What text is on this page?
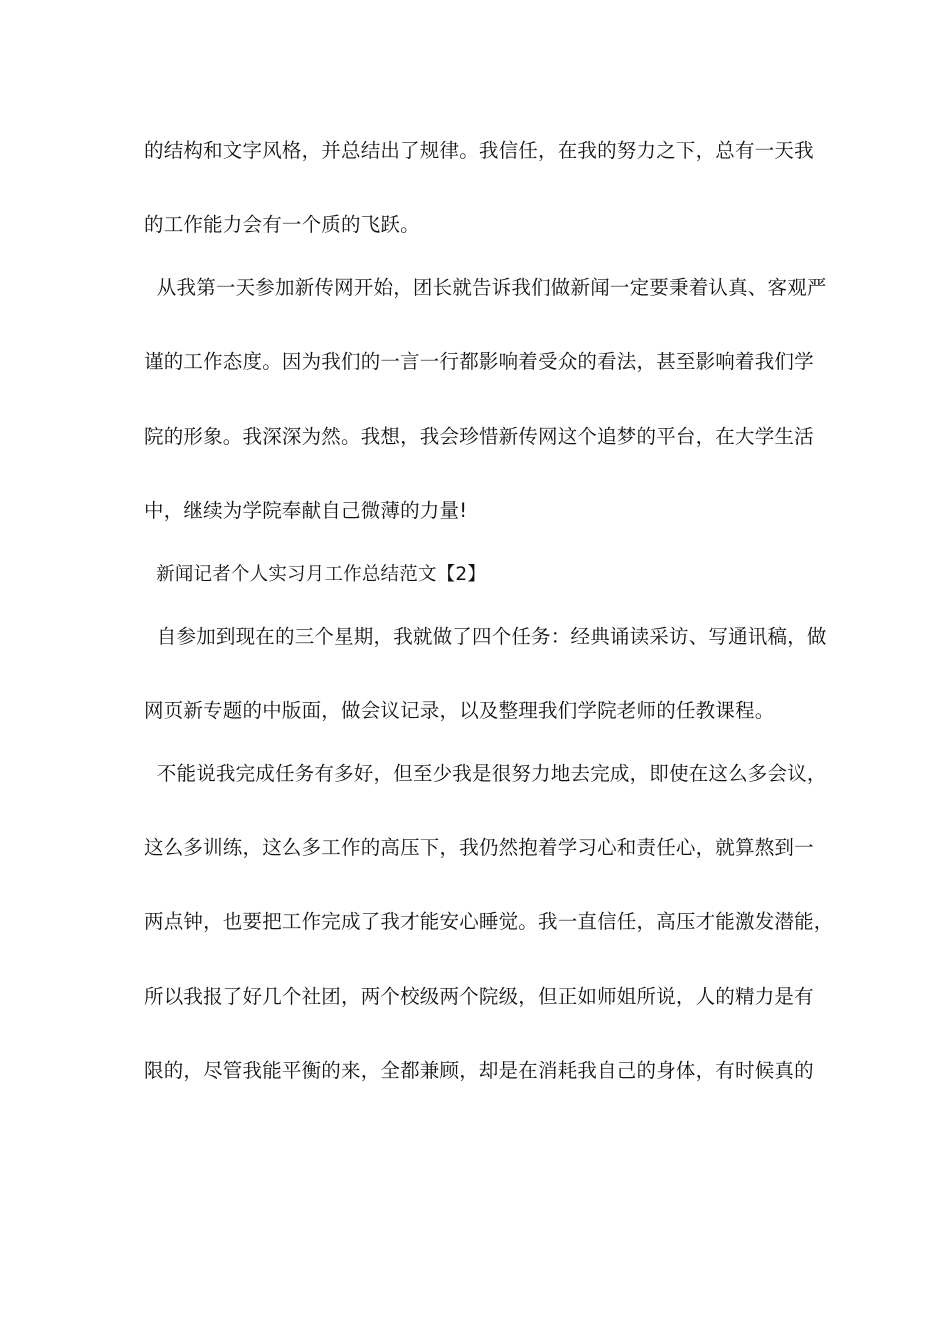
的结构和文字风格，并总结出了规律。我信任，在我的努力之下，总有一天我
的工作能力会有一个质的飞跃。
从我第一天参加新传网开始，团长就告诉我们做新闻一定要秉着认真、客观严
谨的工作态度。因为我们的一言一行都影响着受众的看法，甚至影响着我们学
院的形象。我深深为然。我想，我会珍惜新传网这个追梦的平台，在大学生活
中，继续为学院奉献自己微薄的力量!
新闻记者个人实习月工作总结范文【2】
自参加到现在的三个星期，我就做了四个任务：经典诵读采访、写通讯稿，做
网页新专题的中版面，做会议记录，以及整理我们学院老师的任教课程。
不能说我完成任务有多好，但至少我是很努力地去完成，即使在这么多会议，
这么多训练，这么多工作的高压下，我仍然抱着学习心和责任心，就算熬到一
两点钟，也要把工作完成了我才能安心睡觉。我一直信任，高压才能激发潜能，
所以我报了好几个社团，两个校级两个院级，但正如师姐所说，人的精力是有
限的，尽管我能平衡的来，全都兼顾，却是在消耗我自己的身体，有时候真的
